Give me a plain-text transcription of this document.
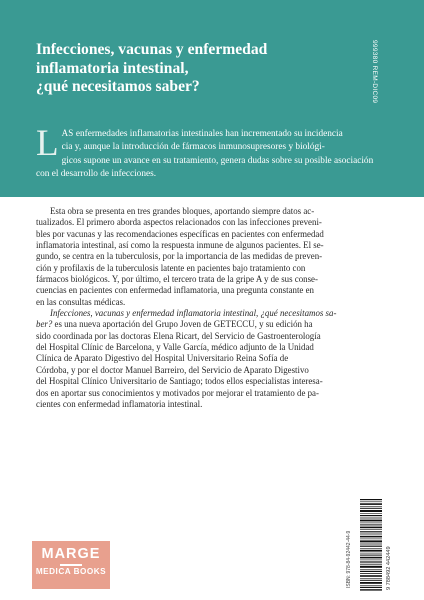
Infecciones, vacunas y enfermedad
inflamatoria intestinal,
¿qué necesitamos saber?	999380 REM-DIC09
L AS enfermedades inflamatorias intestinales han incrementado su incidencia
cia y, aunque la introducción de fármacos inmunosupresores y biológi-
gicos supone un avance en su tratamiento, genera dudas sobre su posible asociación
con el desarrollo de infecciones.
Esta obra se presenta en tres grandes bloques, aportando siempre datos ac-
tualizados. El primero aborda aspectos relacionados con las infecciones preveni-
bles por vacunas y las recomendaciones específicas en pacientes con enfermedad
inflamatoria intestinal, así como la respuesta inmune de algunos pacientes. El se-
gundo, se centra en la tuberculosis, por la importancia de las medidas de preven-
ción y profilaxis de la tuberculosis latente en pacientes bajo tratamiento con
fármacos biológicos. Y, por último, el tercero trata de la gripe A y de sus conse-
cuencias en pacientes con enfermedad inflamatoria, una pregunta constante en
en las consultas médicas.
Infecciones, vacunas y enfermedad inflamatoria intestinal, ¿qué necesitamos sa-
ber? es una nueva aportación del Grupo Joven de GETECCU, y su edición ha
sido coordinada por las doctoras Elena Ricart, del Servicio de Gastroenterología
del Hospital Clínic de Barcelona, y Valle García, médico adjunto de la Unidad
Clínica de Aparato Digestivo del Hospital Universitario Reina Sofía de
Córdoba, y por el doctor Manuel Barreiro, del Servicio de Aparato Digestivo
del Hospital Clínico Universitario de Santiago; todos ellos especialistas interesa-
dos en aportar sus conocimientos y motivados por mejorar el tratamiento de pa-
cientes con enfermedad inflamatoria intestinal.
ISBN: 978-84-92442-44-9	9 788492 442449
MARGE
MEDICA BOOKS
